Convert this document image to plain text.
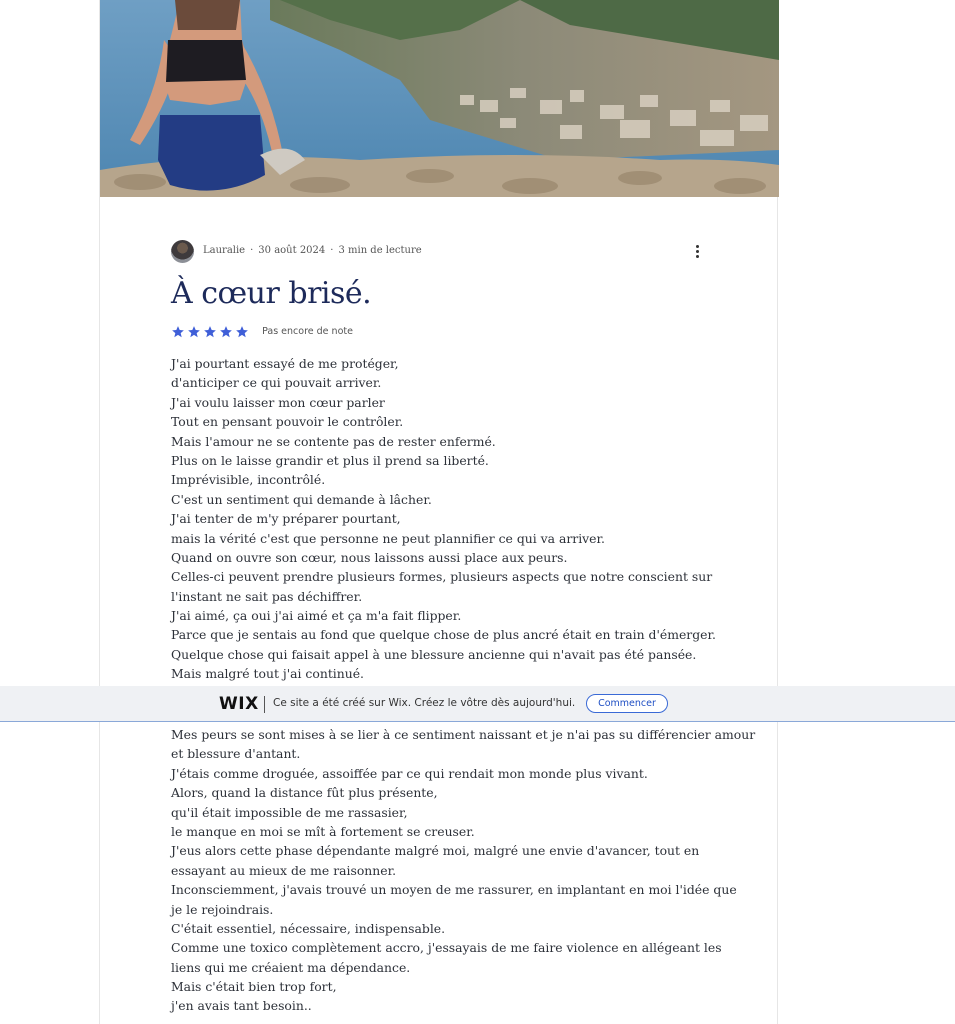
Lauralie · 30 août 2024 · 3 min de lecture
À cœur brisé.
Pas encore de note
J'ai pourtant essayé de me protéger,
d'anticiper ce qui pouvait arriver.
J'ai voulu laisser mon cœur parler
Tout en pensant pouvoir le contrôler.
Mais l'amour ne se contente pas de rester enfermé.
Plus on le laisse grandir et plus il prend sa liberté.
Imprévisible, incontrôlé.
C'est un sentiment qui demande à lâcher.
J'ai tenter de m'y préparer pourtant,
mais la vérité c'est que personne ne peut plannifier ce qui va arriver.
Quand on ouvre son cœur, nous laissons aussi place aux peurs.
Celles-ci peuvent prendre plusieurs formes, plusieurs aspects que notre conscient sur
l'instant ne sait pas déchiffrer.
J'ai aimé, ça oui j'ai aimé et ça m'a fait flipper.
Parce que je sentais au fond que quelque chose de plus ancré était en train d'émerger.
Quelque chose qui faisait appel à une blessure ancienne qui n'avait pas été pansée.
Mais malgré tout j'ai continué.
Mes peurs se sont mises à se lier à ce sentiment naissant et je n'ai pas su différencier amour
et blessure d'antant.
J'étais comme droguée, assoiffée par ce qui rendait mon monde plus vivant.
Alors, quand la distance fût plus présente,
qu'il était impossible de me rassasier,
le manque en moi se mît à fortement se creuser.
J'eus alors cette phase dépendante malgré moi, malgré une envie d'avancer, tout en
essayant au mieux de me raisonner.
Inconsciemment, j'avais trouvé un moyen de me rassurer, en implantant en moi l'idée que
je le rejoindrais.
C'était essentiel, nécessaire, indispensable.
Comme une toxico complètement accro, j'essayais de me faire violence en allégeant les
liens qui me créaient ma dépendance.
Mais c'était bien trop fort,
j'en avais tant besoin..
WIX Ce site a été créé sur Wix. Créez le vôtre dès aujourd'hui.	Commencer
